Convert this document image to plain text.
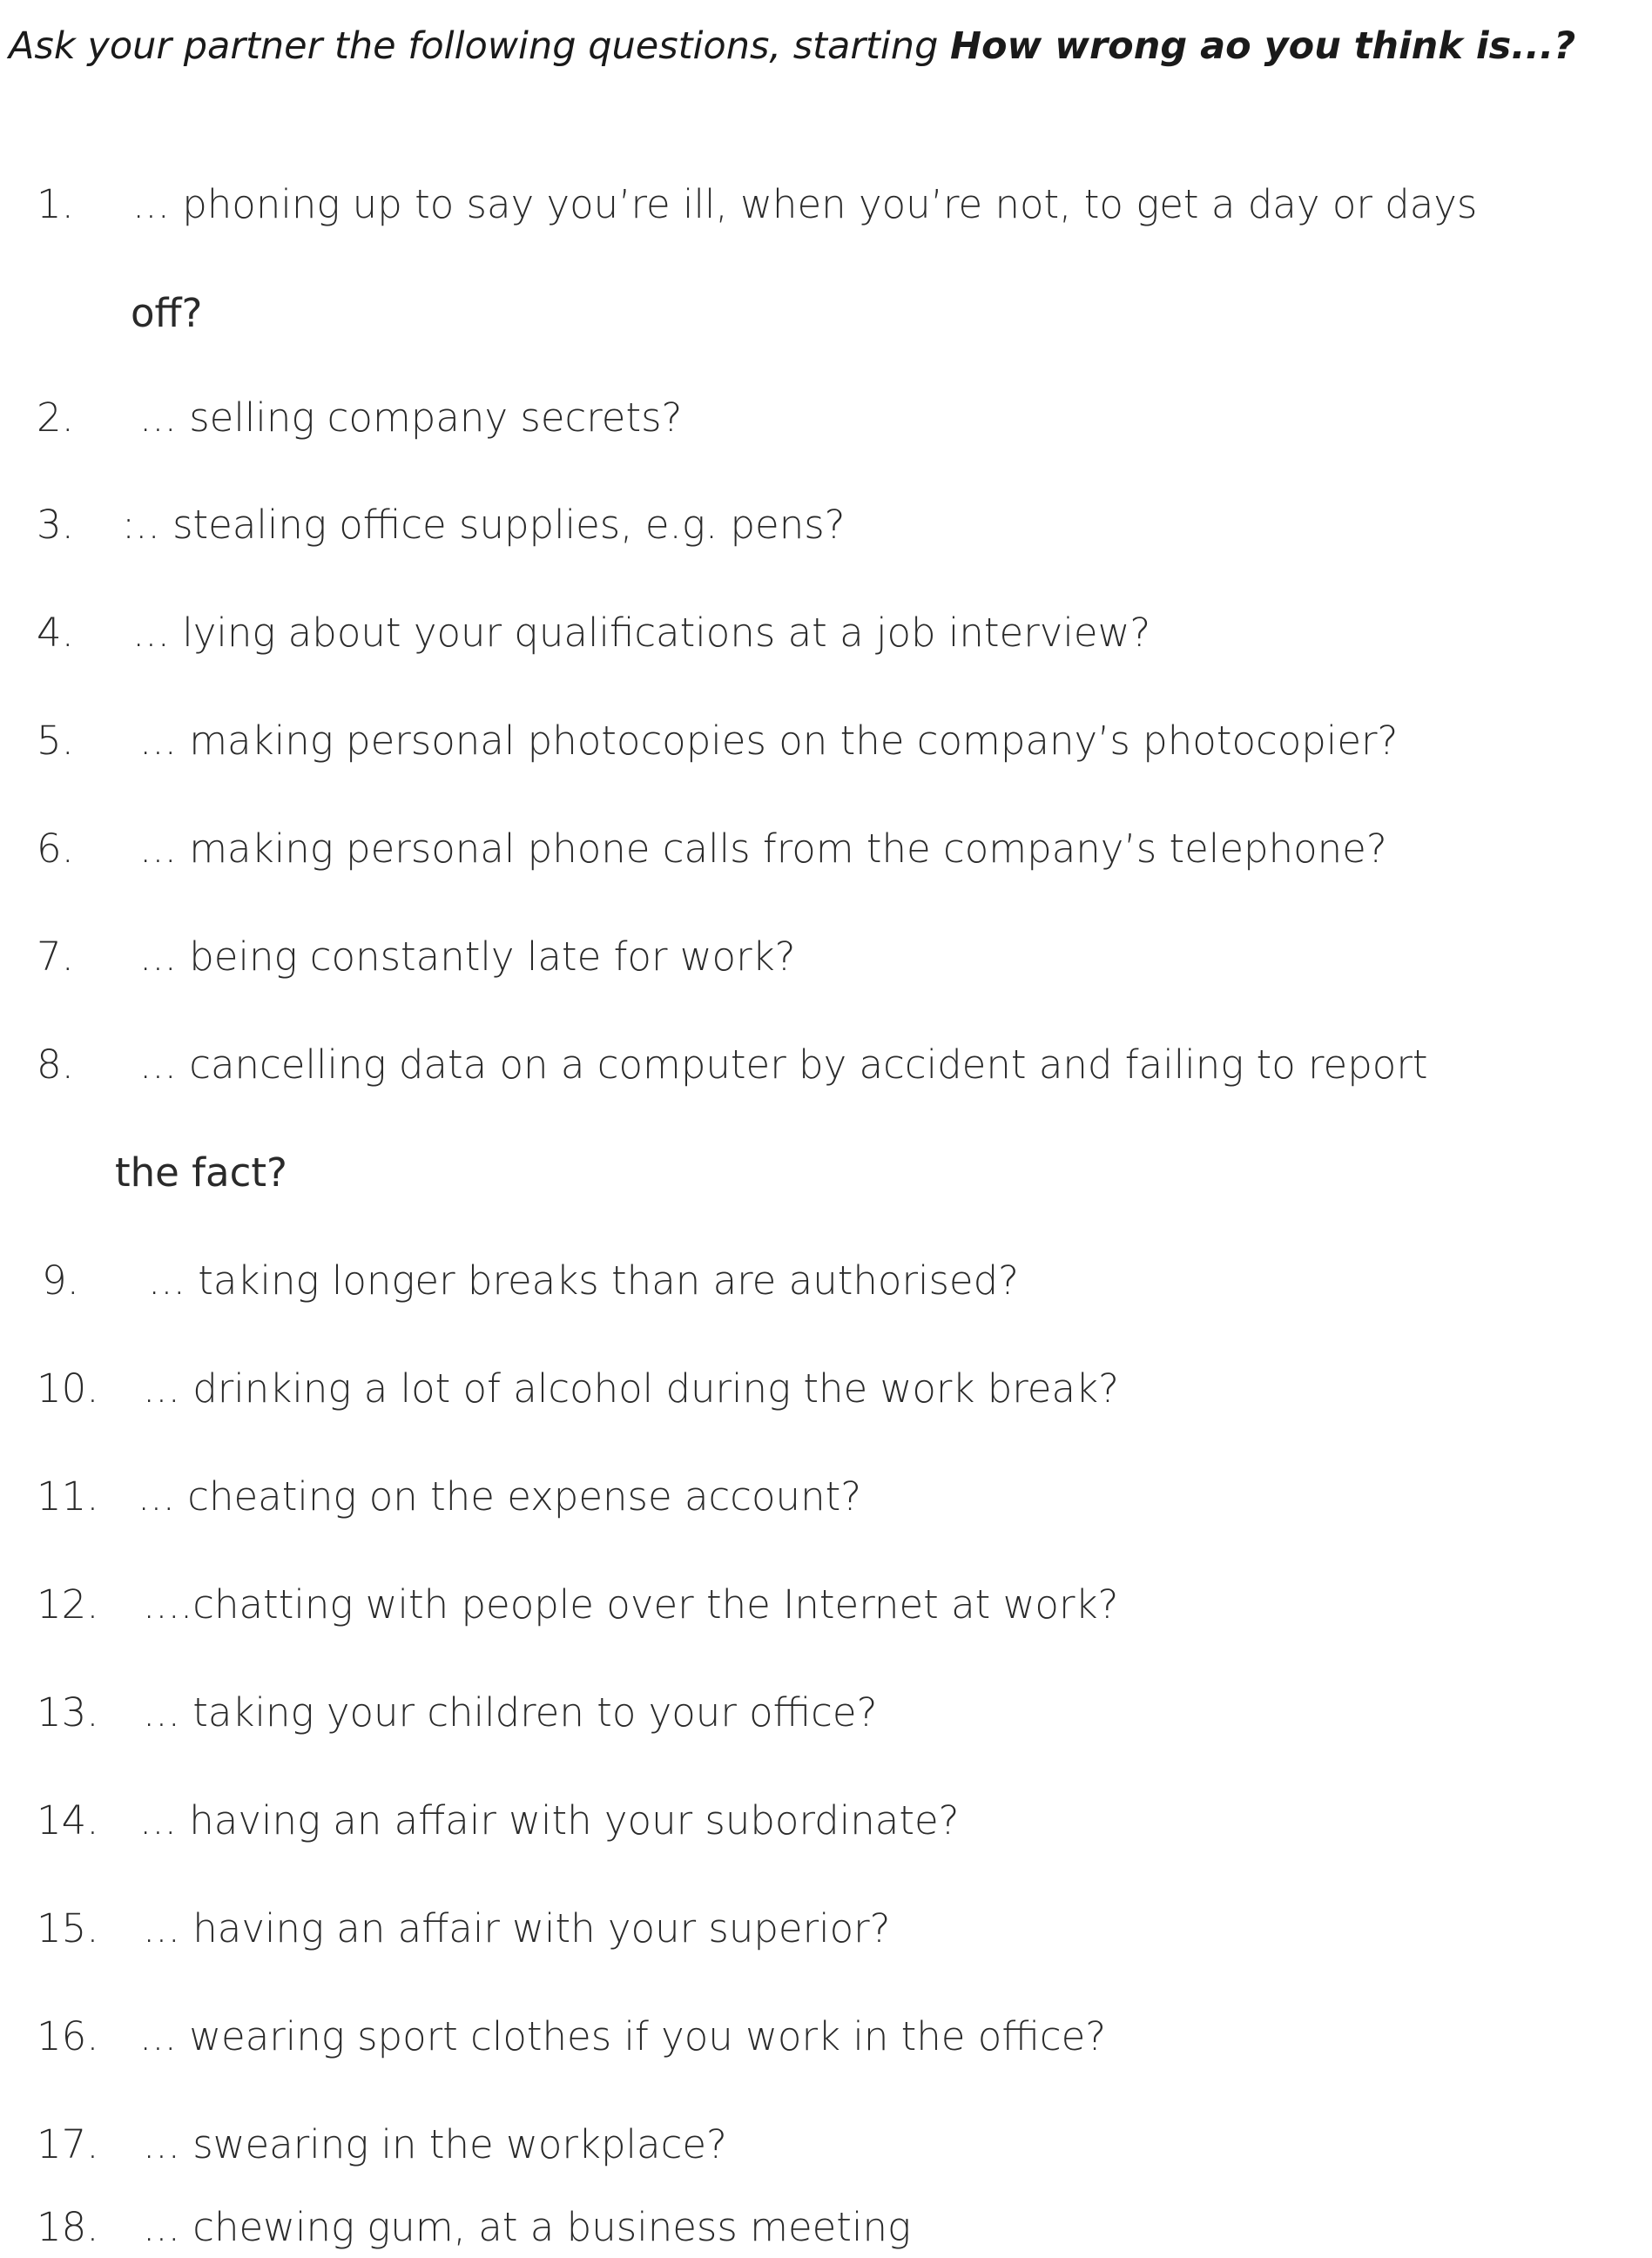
Ask your partner the following questions, starting How wrong ao you think is...?
1. ... phoning up to say you’re ill, when you’re not, to get a day or days
off?
2. ... selling company secrets?
3. :.. stealing office supplies, e.g. pens?
4. ... lying about your qualifications at a job interview?
5. ... making personal photocopies on the company’s photocopier?
6. ... making personal phone calls from the company’s telephone?
7. ... being constantly late for work?
8. ... cancelling data on a computer by accident and failing to report
the fact?
9. ... taking longer breaks than are authorised?
10. ... drinking a lot of alcohol during the work break?
11. ... cheating on the expense account?
12. ....chatting with people over the Internet at work?
13. ... taking your children to your office?
14. ... having an affair with your subordinate?
15. ... having an affair with your superior?
16. ... wearing sport clothes if you work in the office?
17. ... swearing in the workplace?
18. ... chewing gum, at a business meeting
